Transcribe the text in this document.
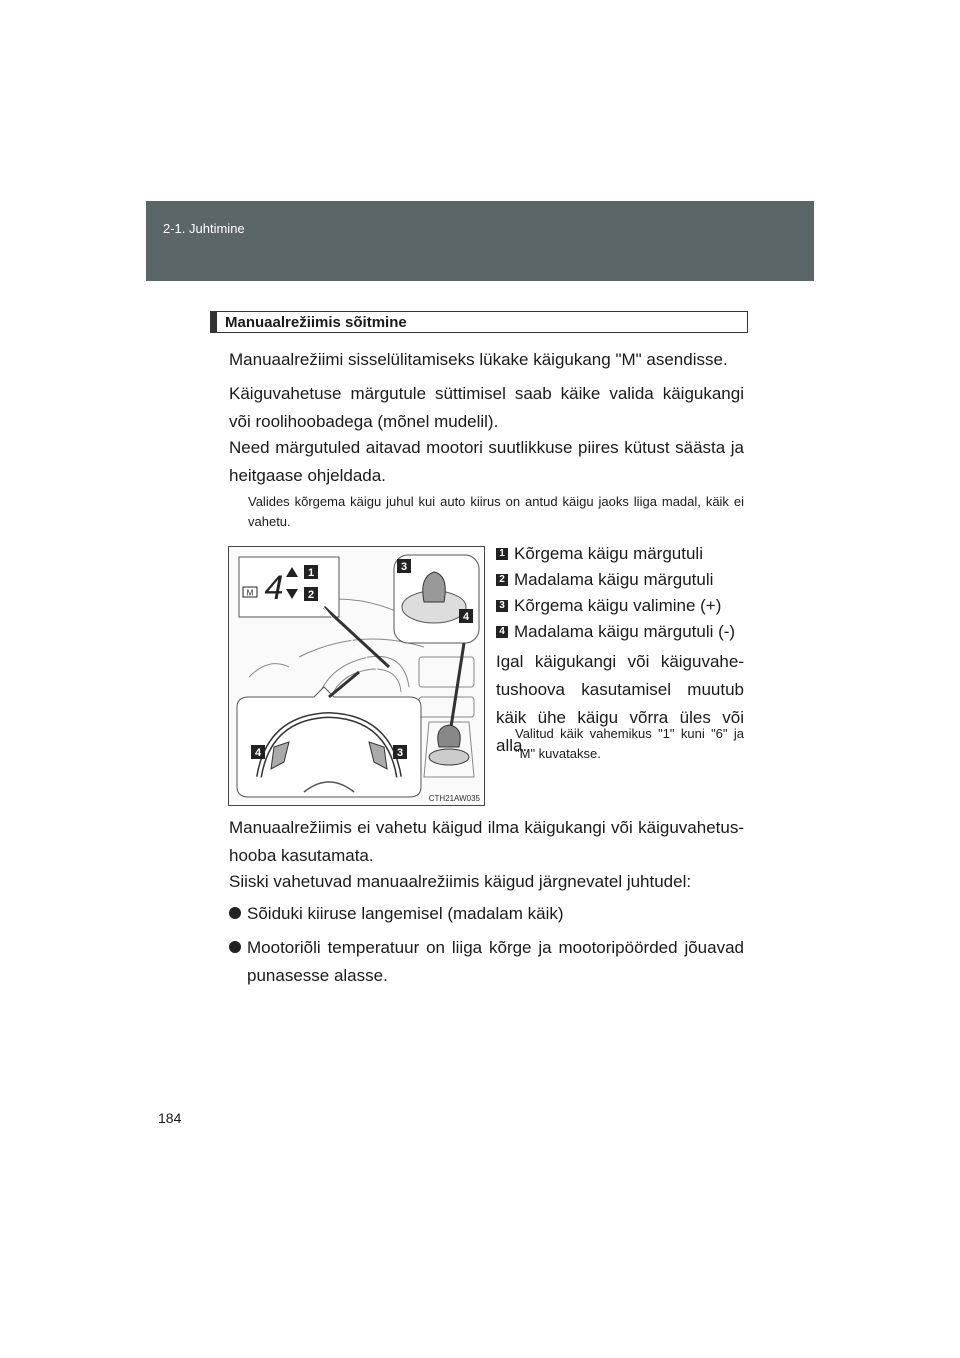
2-1. Juhtimine
Manuaalrežiimis sõitmine

Manuaalrežiimi sisselülitamiseks lükake käigukang "M" asendisse.

Käiguvahetuse märgutule süttimisel saab käike valida käigukangi või roolihoobadega (mõnel mudelil).

Need märgutuled aitavad mootori suutlikkuse piires kütust säästa ja heitgaase ohjeldada.

Valides kõrgema käigu juhul kui auto kiirus on antud käigu jaoks liiga madal, käik ei vahetu.

M 4 1
2
3
4
4	3
CTH21AW035
1 Kõrgema käigu märgutuli
2 Madalama käigu märgutuli
3 Kõrgema käigu valimine (+)
4 Madalama käigu märgutuli (-)

Igal käigukangi või käiguvahe-tushoova kasutamisel muutub käik ühe käigu võrra üles või alla.

Valitud käik vahemikus "1" kuni "6" ja "M" kuvatakse.

Manuaalrežiimis ei vahetu käigud ilma käigukangi või käiguvahetus-hooba kasutamata.

Siiski vahetuvad manuaalrežiimis käigud järgnevatel juhtudel:

Sõiduki kiiruse langemisel (madalam käik)
Mootoriõli temperatuur on liiga kõrge ja mootoripöörded jõuavad punasesse alasse.
184
